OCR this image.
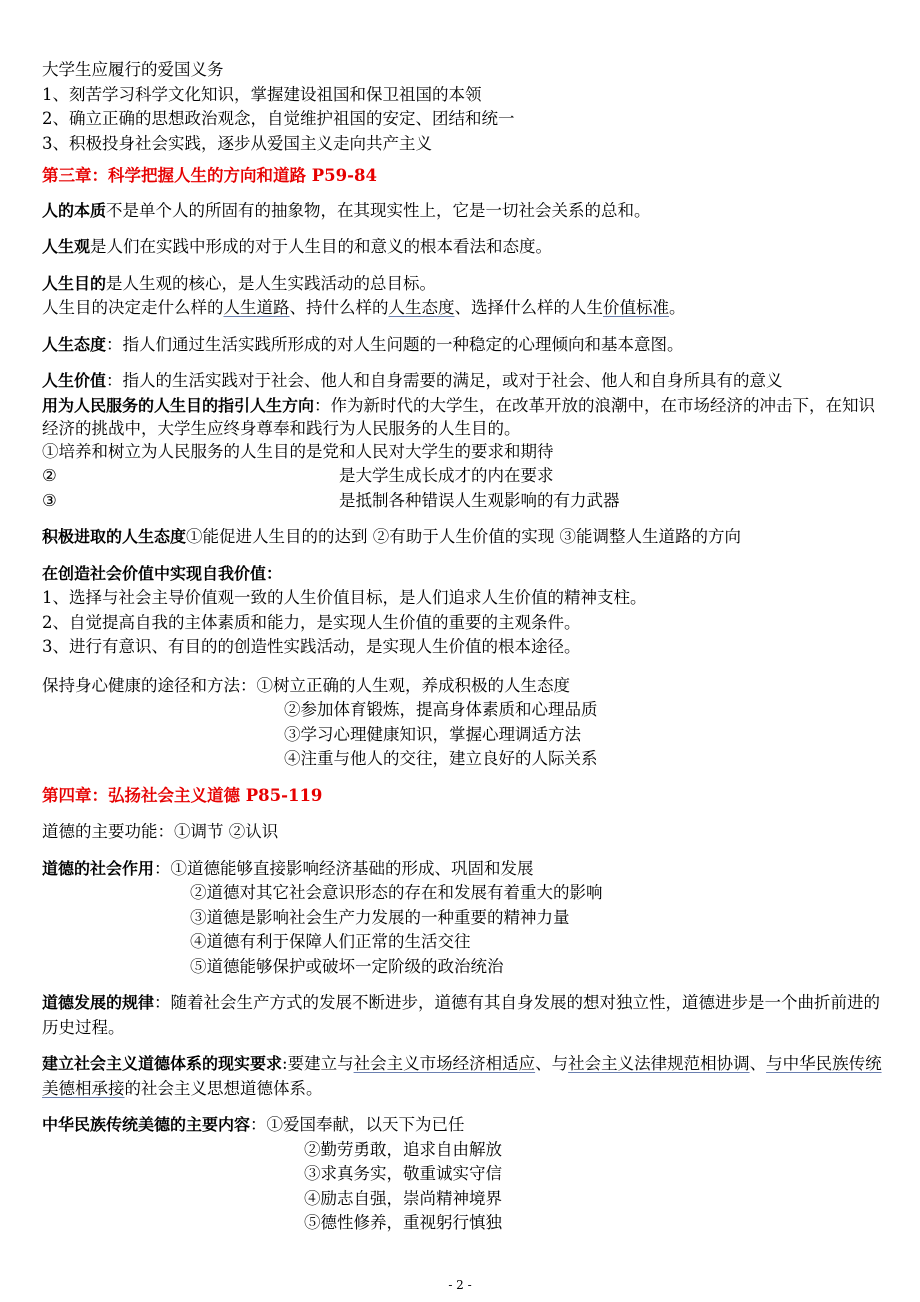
大学生应履行的爱国义务
1、刻苦学习科学文化知识，掌握建设祖国和保卫祖国的本领
2、确立正确的思想政治观念，自觉维护祖国的安定、团结和统一
3、积极投身社会实践，逐步从爱国主义走向共产主义
第三章：科学把握人生的方向和道路 P59-84
人的本质不是单个人的所固有的抽象物，在其现实性上，它是一切社会关系的总和。
人生观是人们在实践中形成的对于人生目的和意义的根本看法和态度。
人生目的是人生观的核心，是人生实践活动的总目标。
人生目的决定走什么样的人生道路、持什么样的人生态度、选择什么样的人生价值标准。
人生态度：指人们通过生活实践所形成的对人生问题的一种稳定的心理倾向和基本意图。
人生价值：指人的生活实践对于社会、他人和自身需要的满足，或对于社会、他人和自身所具有的意义
用为人民服务的人生目的指引人生方向：作为新时代的大学生，在改革开放的浪潮中，在市场经济的冲击下，在知识经济的挑战中，大学生应终身尊奉和践行为人民服务的人生目的。
①培养和树立为人民服务的人生目的是党和人民对大学生的要求和期待
②	是大学生成长成才的内在要求
③	是抵制各种错误人生观影响的有力武器
积极进取的人生态度①能促进人生目的的达到 ②有助于人生价值的实现 ③能调整人生道路的方向
在创造社会价值中实现自我价值：
1、选择与社会主导价值观一致的人生价值目标，是人们追求人生价值的精神支柱。
2、自觉提高自我的主体素质和能力，是实现人生价值的重要的主观条件。
3、进行有意识、有目的的创造性实践活动，是实现人生价值的根本途径。
保持身心健康的途径和方法：①树立正确的人生观，养成积极的人生态度
②参加体育锻炼，提高身体素质和心理品质
③学习心理健康知识，掌握心理调适方法
④注重与他人的交往，建立良好的人际关系
第四章：弘扬社会主义道德 P85-119
道德的主要功能：①调节 ②认识
道德的社会作用：①道德能够直接影响经济基础的形成、巩固和发展
②道德对其它社会意识形态的存在和发展有着重大的影响
③道德是影响社会生产力发展的一种重要的精神力量
④道德有利于保障人们正常的生活交往
⑤道德能够保护或破坏一定阶级的政治统治
道德发展的规律：随着社会生产方式的发展不断进步，道德有其自身发展的想对独立性，道德进步是一个曲折前进的历史过程。
建立社会主义道德体系的现实要求:要建立与社会主义市场经济相适应、与社会主义法律规范相协调、与中华民族传统美德相承接的社会主义思想道德体系。
中华民族传统美德的主要内容：①爱国奉献，以天下为已任
②勤劳勇敢，追求自由解放
③求真务实，敬重诚实守信
④励志自强，崇尚精神境界
⑤德性修养，重视躬行慎独
- 2 -
